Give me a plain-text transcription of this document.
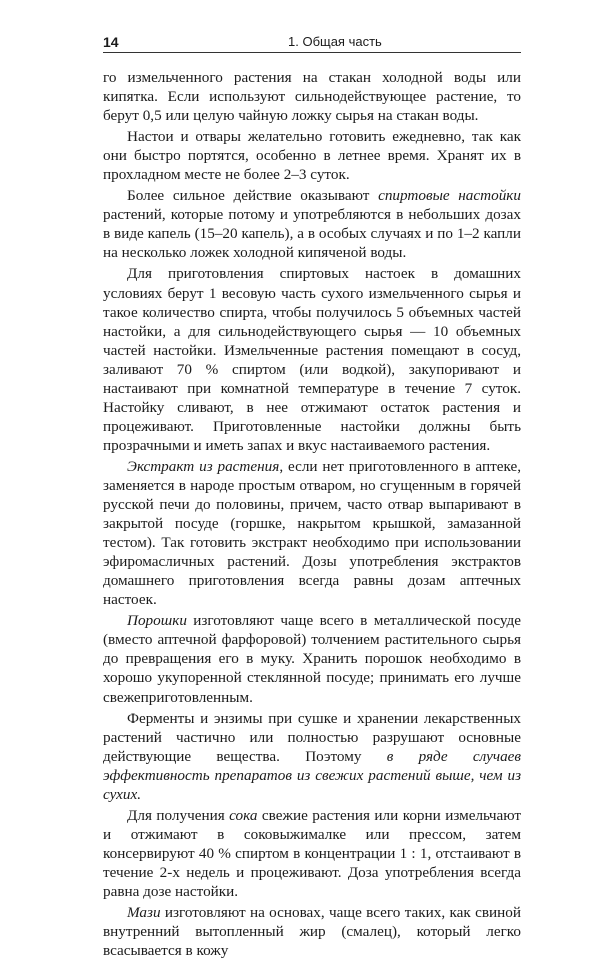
14	1. Общая часть

го измельченного растения на стакан холодной воды или кипятка. Если используют сильнодействующее растение, то берут 0,5 или целую чайную ложку сырья на стакан воды.

Настои и отвары желательно готовить ежедневно, так как они быстро портятся, особенно в летнее время. Хранят их в прохладном месте не более 2–3 суток.

Более сильное действие оказывают спиртовые настойки растений, которые потому и употребляются в небольших дозах в виде капель (15–20 капель), а в особых случаях и по 1–2 капли на несколько ложек холодной кипяченой воды.

Для приготовления спиртовых настоек в домашних условиях берут 1 весовую часть сухого измельченного сырья и такое количество спирта, чтобы получилось 5 объемных частей настойки, а для сильнодействующего сырья — 10 объемных частей настойки. Измельченные растения помещают в сосуд, заливают 70 % спиртом (или водкой), закупоривают и настаивают при комнатной температуре в течение 7 суток. Настойку сливают, в нее отжимают остаток растения и процеживают. Приготовленные настойки должны быть прозрачными и иметь запах и вкус настаиваемого растения.

Экстракт из растения, если нет приготовленного в аптеке, заменяется в народе простым отваром, но сгущенным в горячей русской печи до половины, причем, часто отвар выпаривают в закрытой посуде (горшке, накрытом крышкой, замазанной тестом). Так готовить экстракт необходимо при использовании эфиромасличных растений. Дозы употребления экстрактов домашнего приготовления всегда равны дозам аптечных настоек.

Порошки изготовляют чаще всего в металлической посуде (вместо аптечной фарфоровой) толчением растительного сырья до превращения его в муку. Хранить порошок необходимо в хорошо укупоренной стеклянной посуде; принимать его лучше свежеприготовленным.

Ферменты и энзимы при сушке и хранении лекарственных растений частично или полностью разрушают основные действующие вещества. Поэтому в ряде случаев эффективность препаратов из свежих растений выше, чем из сухих.

Для получения сока свежие растения или корни измельчают и отжимают в соковыжималке или прессом, затем консервируют 40 % спиртом в концентрации 1 : 1, отстаивают в течение 2-х недель и процеживают. Доза употребления всегда равна дозе настойки.

Мази изготовляют на основах, чаще всего таких, как свиной внутренний вытопленный жир (смалец), который легко всасывается в кожу
